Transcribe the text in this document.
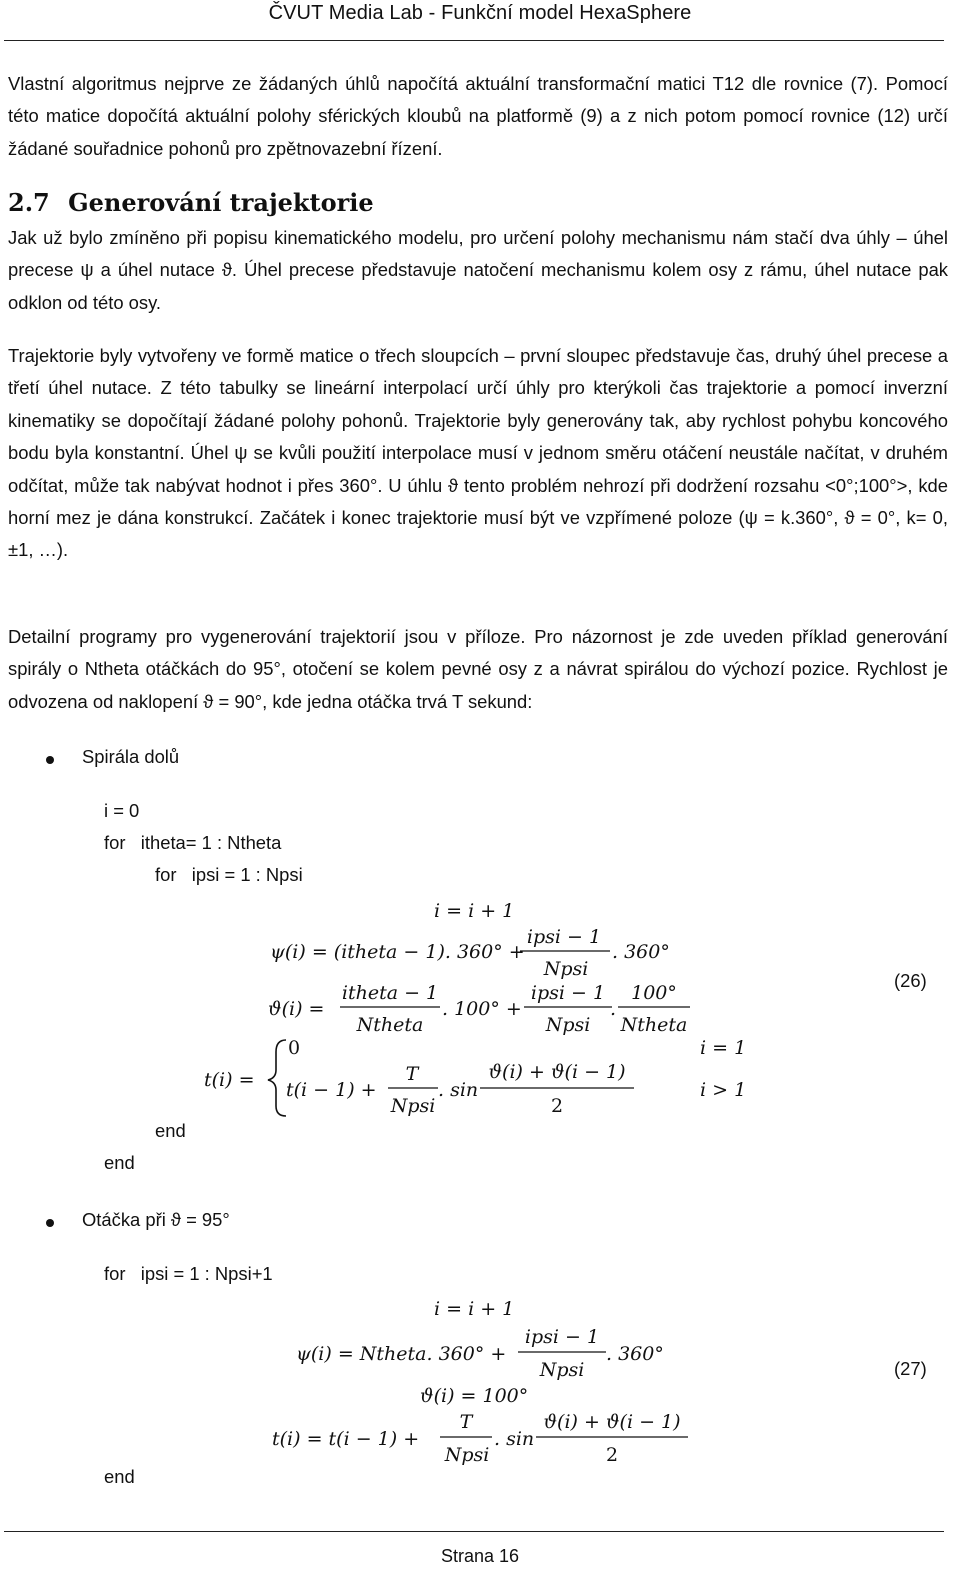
ČVUT Media Lab - Funkční model HexaSphere

Vlastní algoritmus nejprve ze žádaných úhlů napočítá aktuální transformační matici T12 dle rovnice (7). Pomocí této matice dopočítá aktuální polohy sférických kloubů na platformě (9) a z nich potom pomocí rovnice (12) určí žádané souřadnice pohonů pro zpětnovazební řízení.

2.7 Generování trajektorie

Jak už bylo zmíněno při popisu kinematického modelu, pro určení polohy mechanismu nám stačí dva úhly – úhel precese ψ a úhel nutace ϑ. Úhel precese představuje natočení mechanismu kolem osy z rámu, úhel nutace pak odklon od této osy.

Trajektorie byly vytvořeny ve formě matice o třech sloupcích – první sloupec představuje čas, druhý úhel precese a třetí úhel nutace. Z této tabulky se lineární interpolací určí úhly pro kterýkoli čas trajektorie a pomocí inverzní kinematiky se dopočítají žádané polohy pohonů. Trajektorie byly generovány tak, aby rychlost pohybu koncového bodu byla konstantní. Úhel ψ se kvůli použití interpolace musí v jednom směru otáčení neustále načítat, v druhém odčítat, může tak nabývat hodnot i přes 360°. U úhlu ϑ tento problém nehrozí při dodržení rozsahu <0°;100°>, kde horní mez je dána konstrukcí. Začátek i konec trajektorie musí být ve vzpřímené poloze (ψ = k.360°, ϑ = 0°, k= 0, ±1, …).

Detailní programy pro vygenerování trajektorií jsou v příloze. Pro názornost je zde uveden příklad generování spirály o Ntheta otáčkách do 95°, otočení se kolem pevné osy z a návrat spirálou do výchozí pozice. Rychlost je odvozena od naklopení ϑ = 90°, kde jedna otáčka trvá T sekund:

Spirála dolů
i = 0
for   itheta= 1 : Ntheta
for   ipsi = 1 : Npsi
i = i + 1
ψ(i) = (itheta − 1). 360° +
ipsi − 1
Npsi
. 360°
ϑ(i) =
itheta − 1
Ntheta
. 100° +
ipsi − 1
Npsi
.
100°
Ntheta
t(i) =
0	i = 1
t(i − 1) +
T
Npsi
. sin
ϑ(i) + ϑ(i − 1)
2
i > 1
(26)
end
end
Otáčka při ϑ = 95°
for   ipsi = 1 : Npsi+1
i = i + 1
ψ(i) = Ntheta. 360° +
ipsi − 1
Npsi
. 360°
ϑ(i) = 100°
t(i) = t(i − 1) +
T
Npsi
. sin
ϑ(i) + ϑ(i − 1)
2
(27)
end
Strana 16
